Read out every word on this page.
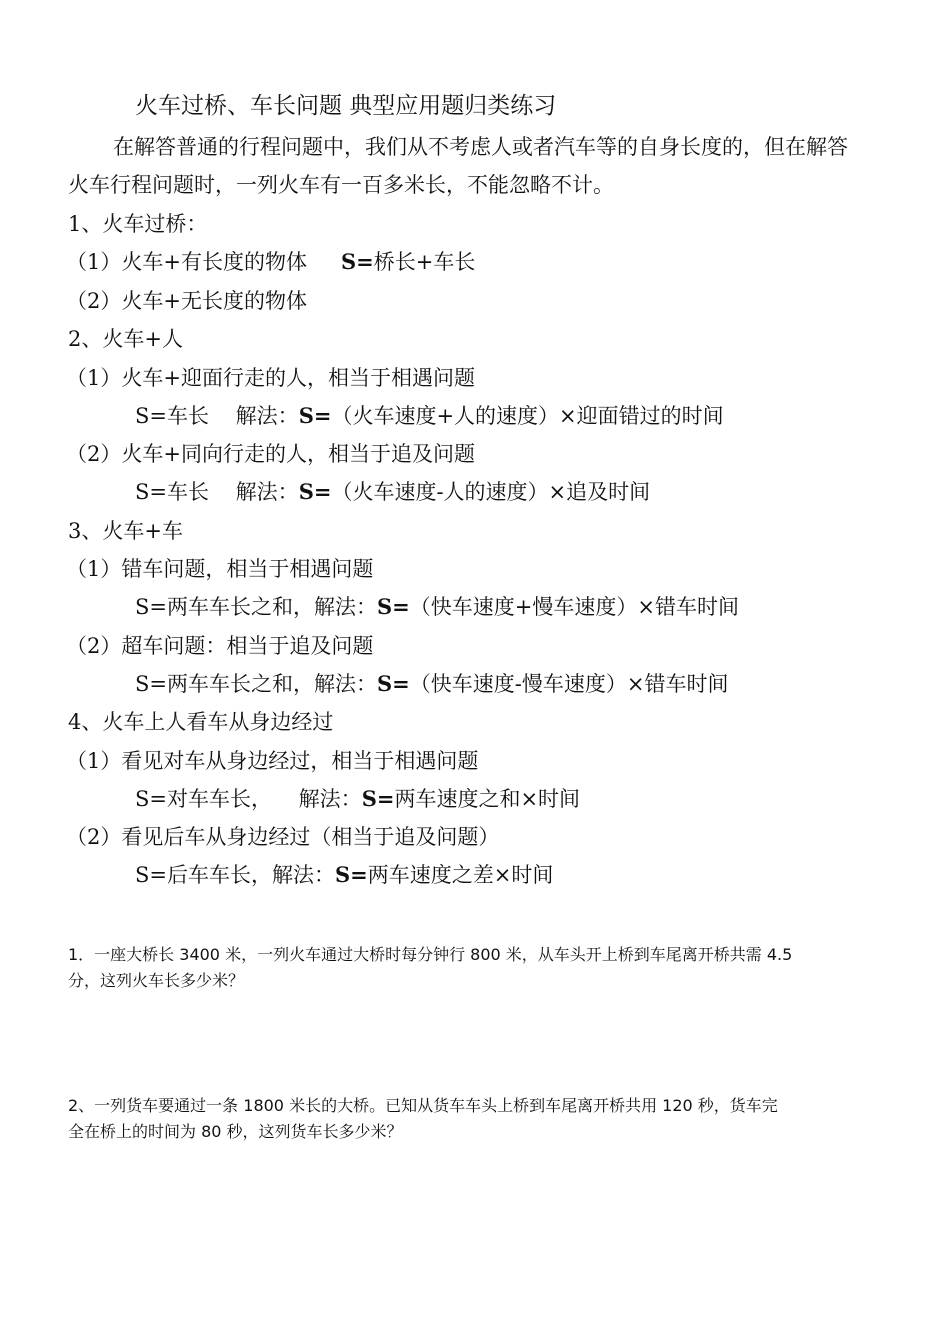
火车过桥、车长问题 典型应用题归类练习
在解答普通的行程问题中，我们从不考虑人或者汽车等的自身长度的，但在解答
火车行程问题时，一列火车有一百多米长，不能忽略不计。
1、火车过桥：
（1）火车+有长度的物体 S=桥长+车长
（2）火车+无长度的物体
2、火车+人
（1）火车+迎面行走的人，相当于相遇问题
S=车长    解法：S=（火车速度+人的速度）×迎面错过的时间
（2）火车+同向行走的人，相当于追及问题
S=车长    解法：S=（火车速度-人的速度）×追及时间
3、火车+车
（1）错车问题，相当于相遇问题
S=两车车长之和，解法：S=（快车速度+慢车速度）×错车时间
（2）超车问题：相当于追及问题
S=两车车长之和，解法：S=（快车速度-慢车速度）×错车时间
4、火车上人看车从身边经过
（1）看见对车从身边经过，相当于相遇问题
S=对车车长，    解法：S=两车速度之和×时间
（2）看见后车从身边经过（相当于追及问题）
S=后车车长，解法：S=两车速度之差×时间
1．一座大桥长 3400 米，一列火车通过大桥时每分钟行 800 米，从车头开上桥到车尾离开桥共需 4.5
分，这列火车长多少米？
2、一列货车要通过一条 1800 米长的大桥。已知从货车车头上桥到车尾离开桥共用 120 秒，货车完
全在桥上的时间为 80 秒，这列货车长多少米？
